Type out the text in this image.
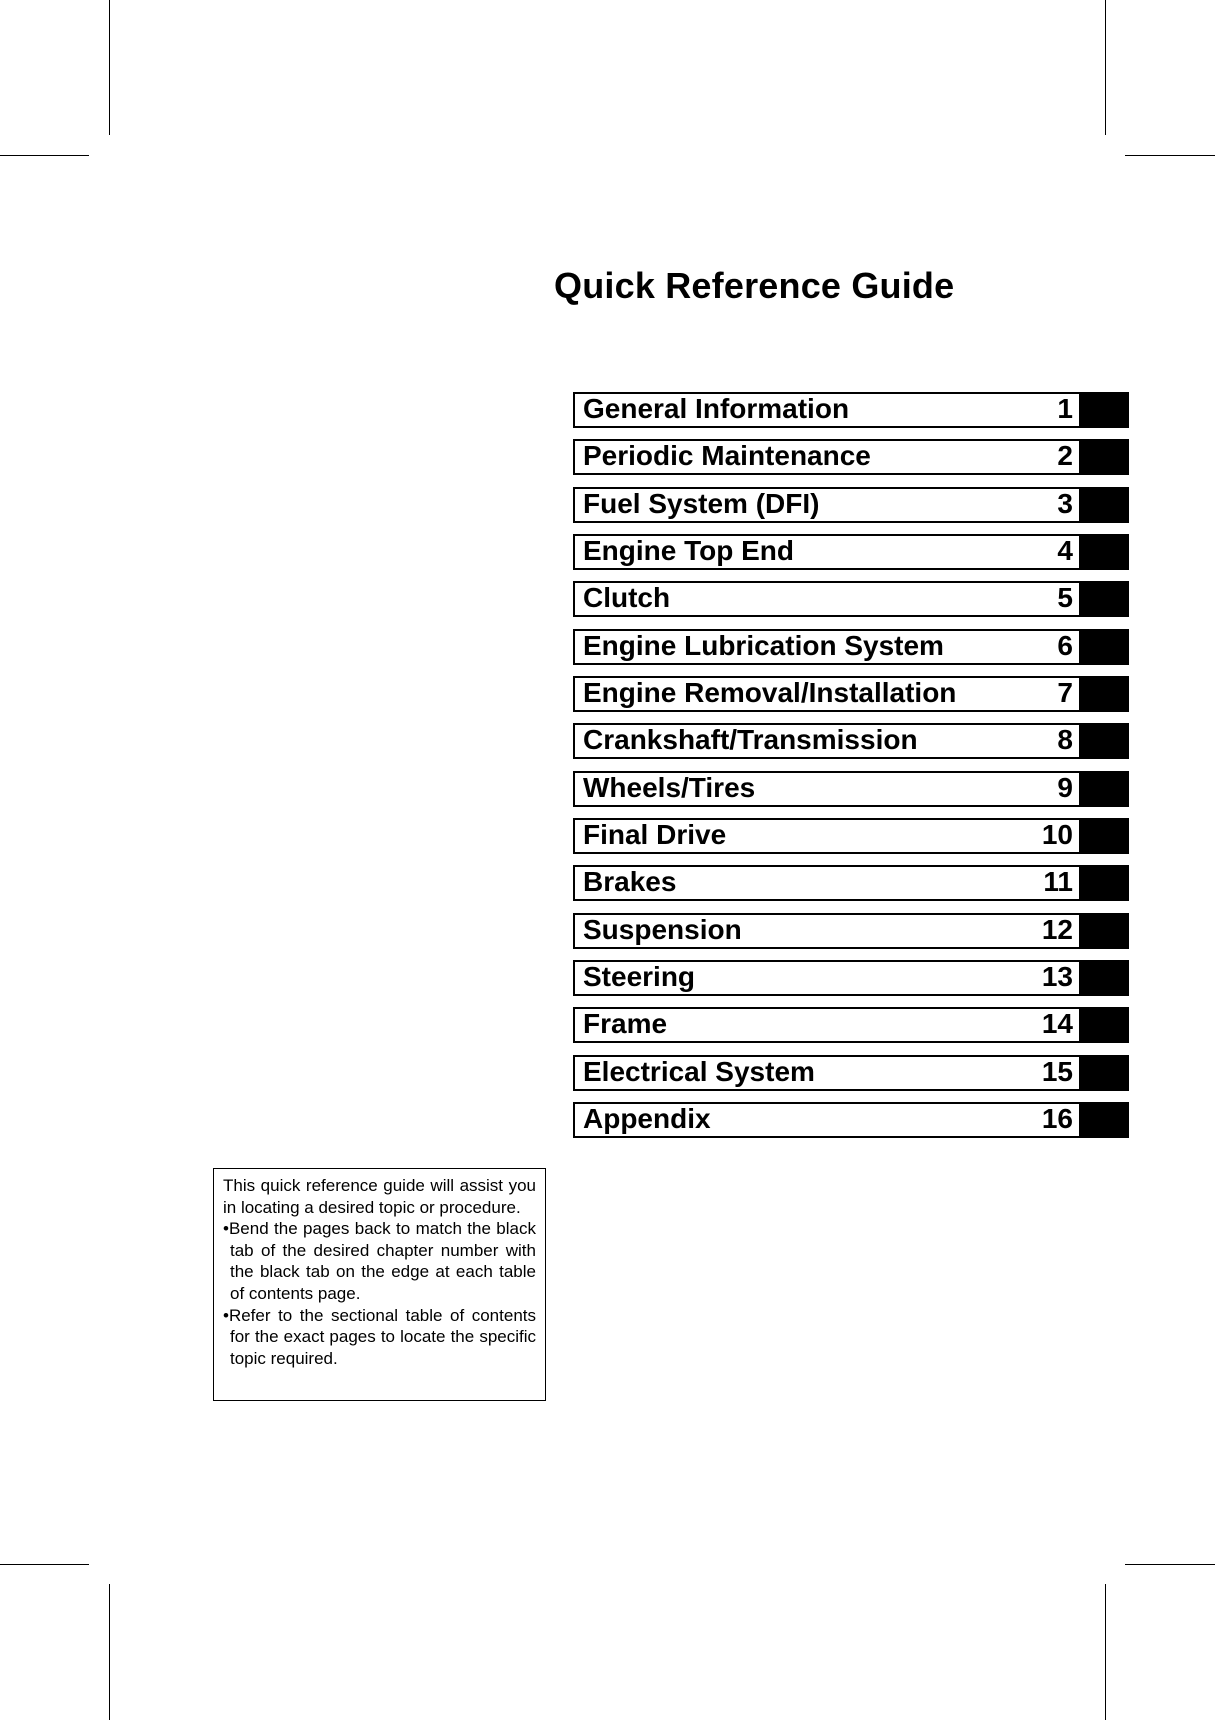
Quick Reference Guide
General Information	1
Periodic Maintenance	2
Fuel System (DFI)	3
Engine Top End	4
Clutch	5
Engine Lubrication System	6
Engine Removal/Installation	7
Crankshaft/Transmission	8
Wheels/Tires	9
Final Drive	10
Brakes	11
Suspension	12
Steering	13
Frame	14
Electrical System	15
Appendix	16

This quick reference guide will assist you in locating a desired topic or procedure.

•Bend the pages back to match the black tab of the desired chapter number with the black tab on the edge at each table of contents page.

•Refer to the sectional table of contents for the exact pages to locate the specific topic required.
